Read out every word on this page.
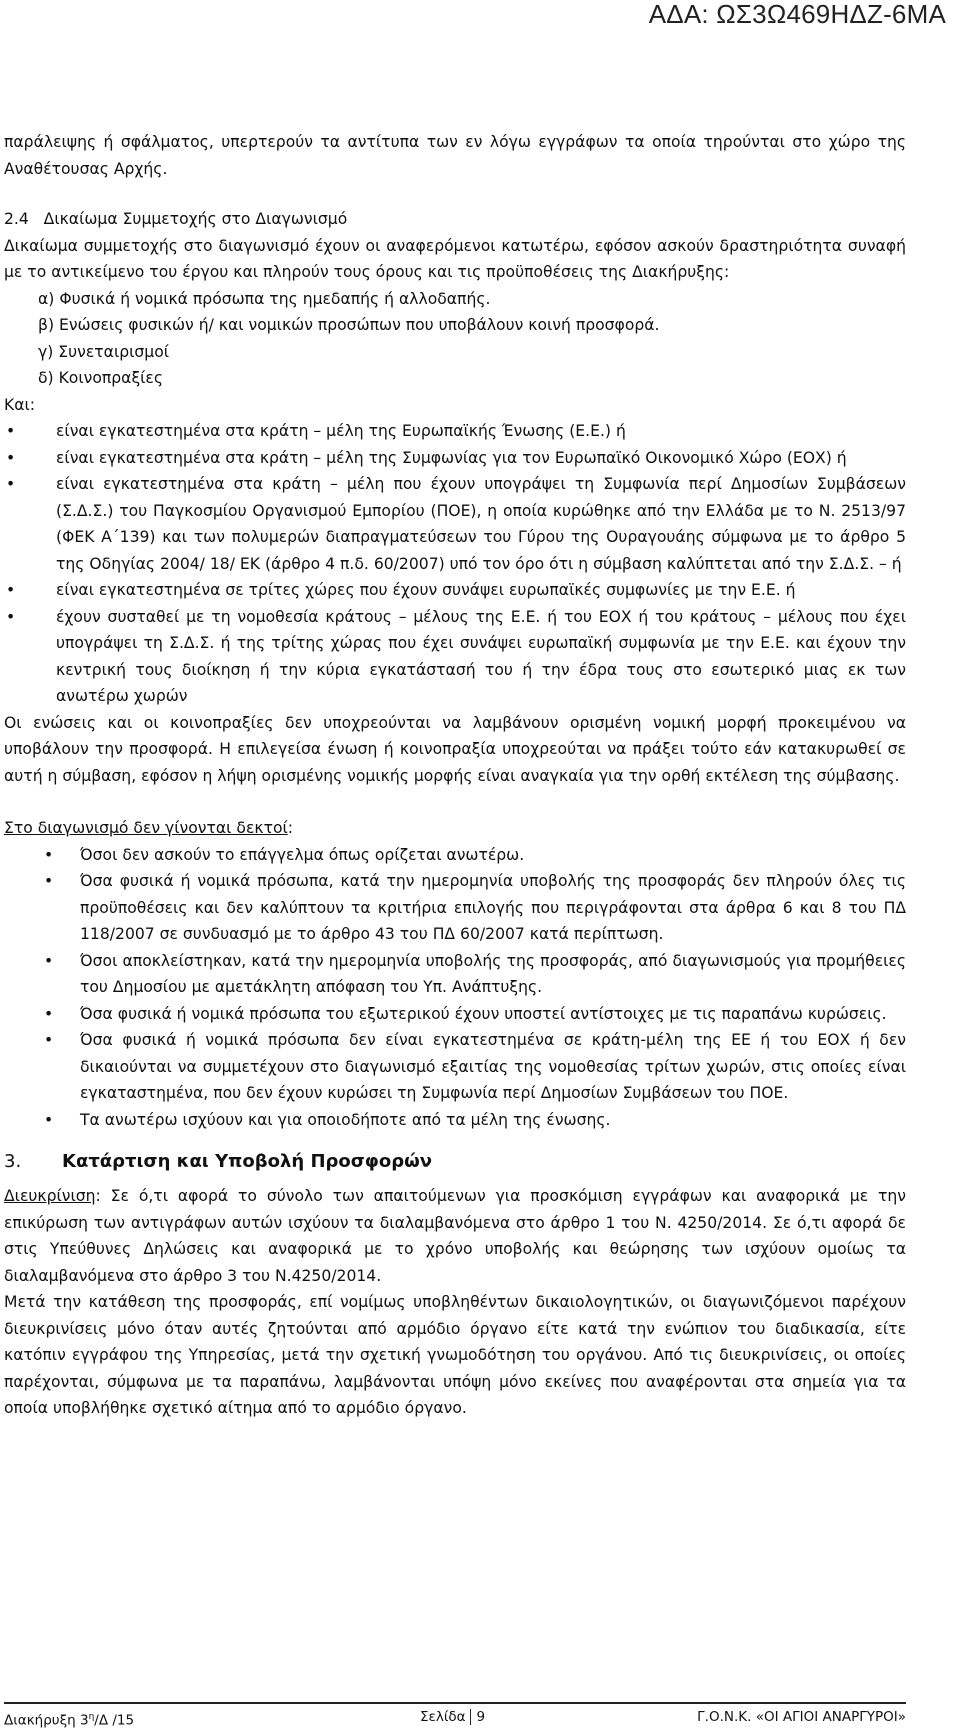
ΑΔΑ: ΩΣ3Ω469ΗΔΖ-6ΜΑ

παράλειψης ή σφάλματος, υπερτερούν τα αντίτυπα των εν λόγω εγγράφων τα οποία τηρούνται στο χώρο της Αναθέτουσας Αρχής.

2.4   Δικαίωμα Συμμετοχής στο Διαγωνισμό

Δικαίωμα συμμετοχής στο διαγωνισμό έχουν οι αναφερόμενοι κατωτέρω, εφόσον ασκούν δραστηριότητα συναφή με το αντικείμενο του έργου και πληρούν τους όρους και τις προϋποθέσεις της Διακήρυξης:

α) Φυσικά ή νομικά πρόσωπα της ημεδαπής ή αλλοδαπής.

β) Ενώσεις φυσικών ή/ και νομικών προσώπων που υποβάλουν κοινή προσφορά.

γ) Συνεταιρισμοί

δ) Κοινοπραξίες

Και:

•	είναι εγκατεστημένα στα κράτη – μέλη της Ευρωπαϊκής Ένωσης (Ε.Ε.) ή
•	είναι εγκατεστημένα στα κράτη – μέλη της Συμφωνίας για τον Ευρωπαϊκό Οικονομικό Χώρο (ΕΟΧ) ή
•	είναι εγκατεστημένα στα κράτη – μέλη που έχουν υπογράψει τη Συμφωνία περί Δημοσίων Συμβάσεων (Σ.Δ.Σ.) του Παγκοσμίου Οργανισμού Εμπορίου (ΠΟΕ), η οποία κυρώθηκε από την Ελλάδα με το Ν. 2513/97 (ΦΕΚ Α΄139) και των πολυμερών διαπραγματεύσεων του Γύρου της Ουραγουάης σύμφωνα με το άρθρο 5 της Οδηγίας 2004/ 18/ ΕΚ (άρθρο 4 π.δ. 60/2007) υπό τον όρο ότι η σύμβαση καλύπτεται από την Σ.Δ.Σ. – ή
•	είναι εγκατεστημένα σε τρίτες χώρες που έχουν συνάψει ευρωπαϊκές συμφωνίες με την Ε.Ε. ή
•	έχουν συσταθεί με τη νομοθεσία κράτους – μέλους της Ε.Ε. ή του ΕΟΧ ή του κράτους – μέλους που έχει υπογράψει τη Σ.Δ.Σ. ή της τρίτης χώρας που έχει συνάψει ευρωπαϊκή συμφωνία με την Ε.Ε. και έχουν την κεντρική τους διοίκηση ή την κύρια εγκατάστασή του ή την έδρα τους στο εσωτερικό μιας εκ των ανωτέρω χωρών

Οι ενώσεις και οι κοινοπραξίες δεν υποχρεούνται να λαμβάνουν ορισμένη νομική μορφή προκειμένου να υποβάλουν την προσφορά. Η επιλεγείσα ένωση ή κοινοπραξία υποχρεούται να πράξει τούτο εάν κατακυρωθεί σε αυτή η σύμβαση, εφόσον η λήψη ορισμένης νομικής μορφής είναι αναγκαία για την ορθή εκτέλεση της σύμβασης.

Στο διαγωνισμό δεν γίνονται δεκτοί:

• Όσοι δεν ασκούν το επάγγελμα όπως ορίζεται ανωτέρω.
• Όσα φυσικά ή νομικά πρόσωπα, κατά την ημερομηνία υποβολής της προσφοράς δεν πληρούν όλες τις προϋποθέσεις και δεν καλύπτουν τα κριτήρια επιλογής που περιγράφονται στα άρθρα 6 και 8 του ΠΔ 118/2007 σε συνδυασμό με το άρθρο 43 του ΠΔ 60/2007 κατά περίπτωση.
• Όσοι αποκλείστηκαν, κατά την ημερομηνία υποβολής της προσφοράς, από διαγωνισμούς για προμήθειες του Δημοσίου με αμετάκλητη απόφαση του Υπ. Ανάπτυξης.
• Όσα φυσικά ή νομικά πρόσωπα του εξωτερικού έχουν υποστεί αντίστοιχες με τις παραπάνω κυρώσεις.
• Όσα φυσικά ή νομικά πρόσωπα δεν είναι εγκατεστημένα σε κράτη-μέλη της ΕΕ ή του ΕΟΧ ή δεν δικαιούνται να συμμετέχουν στο διαγωνισμό εξαιτίας της νομοθεσίας τρίτων χωρών, στις οποίες είναι εγκαταστημένα, που δεν έχουν κυρώσει τη Συμφωνία περί Δημοσίων Συμβάσεων του ΠΟΕ.
• Τα ανωτέρω ισχύουν και για οποιοδήποτε από τα μέλη της ένωσης.
3. Κατάρτιση και Υποβολή Προσφορών

Διευκρίνιση: Σε ό,τι αφορά το σύνολο των απαιτούμενων για προσκόμιση εγγράφων και αναφορικά με την επικύρωση των αντιγράφων αυτών ισχύουν τα διαλαμβανόμενα στο άρθρο 1 του Ν. 4250/2014. Σε ό,τι αφορά δε στις Υπεύθυνες Δηλώσεις και αναφορικά με το χρόνο υποβολής και θεώρησης των ισχύουν ομοίως τα διαλαμβανόμενα στο άρθρο 3 του Ν.4250/2014.

Μετά την κατάθεση της προσφοράς, επί νομίμως υποβληθέντων δικαιολογητικών, οι διαγωνιζόμενοι παρέχουν διευκρινίσεις μόνο όταν αυτές ζητούνται από αρμόδιο όργανο είτε κατά την ενώπιον του διαδικασία, είτε κατόπιν εγγράφου της Υπηρεσίας, μετά την σχετική γνωμοδότηση του οργάνου. Από τις διευκρινίσεις, οι οποίες παρέχονται, σύμφωνα με τα παραπάνω, λαμβάνονται υπόψη μόνο εκείνες που αναφέρονται στα σημεία για τα οποία υποβλήθηκε σχετικό αίτημα από το αρμόδιο όργανο.

Διακήρυξη $3^\eta/\Delta$ /15	Σελίδα 9	Γ.Ο.Ν.Κ. «ΟΙ ΑΓΙΟΙ ΑΝΑΡΓΥΡΟΙ»
